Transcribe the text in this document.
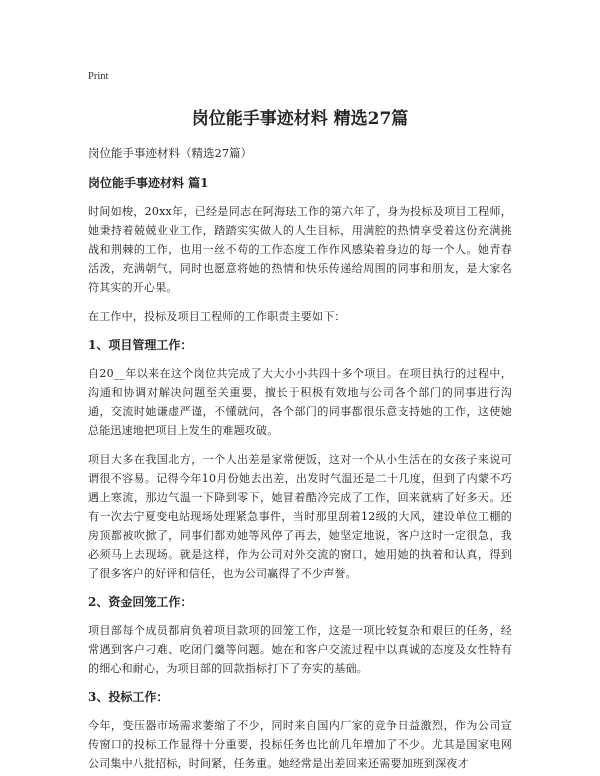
Print
岗位能手事迹材料 精选27篇
岗位能手事迹材料（精选27篇）
岗位能手事迹材料 篇1

时间如梭，20xx年，已经是同志在阿海珐工作的第六年了，身为投标及项目工程师，她秉持着兢兢业业工作，踏踏实实做人的人生目标，用满腔的热情享受着这份充满挑战和荆棘的工作，也用一丝不苟的工作态度工作作风感染着身边的每一个人。她青春活泼，充满朝气，同时也愿意将她的热情和快乐传递给周围的同事和朋友，是大家名符其实的开心果。

在工作中，投标及项目工程师的工作职责主要如下：

1、项目管理工作：

自20__年以来在这个岗位共完成了大大小小共四十多个项目。在项目执行的过程中，沟通和协调对解决问题至关重要，擅长于积极有效地与公司各个部门的同事进行沟通，交流时她谦虚严谨，不懂就问，各个部门的同事都很乐意支持她的工作，这使她总能迅速地把项目上发生的难题攻破。

项目大多在我国北方，一个人出差是家常便饭，这对一个从小生活在的女孩子来说可谓很不容易。记得今年10月份她去出差，出发时气温还是二十几度，但到了内蒙不巧遇上寒流，那边气温一下降到零下，她冒着酷冷完成了工作，回来就病了好多天。还有一次去宁夏变电站现场处理紧急事件，当时那里刮着12级的大风，建设单位工棚的房顶都被吹掀了，同事们都劝她等风停了再去，她坚定地说，客户这时一定很急，我必须马上去现场。就是这样，作为公司对外交流的窗口，她用她的执着和认真，得到了很多客户的好评和信任，也为公司赢得了不少声誉。

2、资金回笼工作：

项目部每个成员都肩负着项目款项的回笼工作，这是一项比较复杂和艰巨的任务，经常遇到客户刁难、吃闭门羹等问题。她在和客户交流过程中以真诚的态度及女性特有的细心和耐心，为项目部的回款指标打下了夯实的基础。

3、投标工作：

今年，变压器市场需求萎缩了不少，同时来自国内厂家的竞争日益激烈，作为公司宣传窗口的投标工作显得十分重要，投标任务也比前几年增加了不少。尤其是国家电网公司集中八批招标，时间紧，任务重。她经常是出差回来还需要加班到深夜才
